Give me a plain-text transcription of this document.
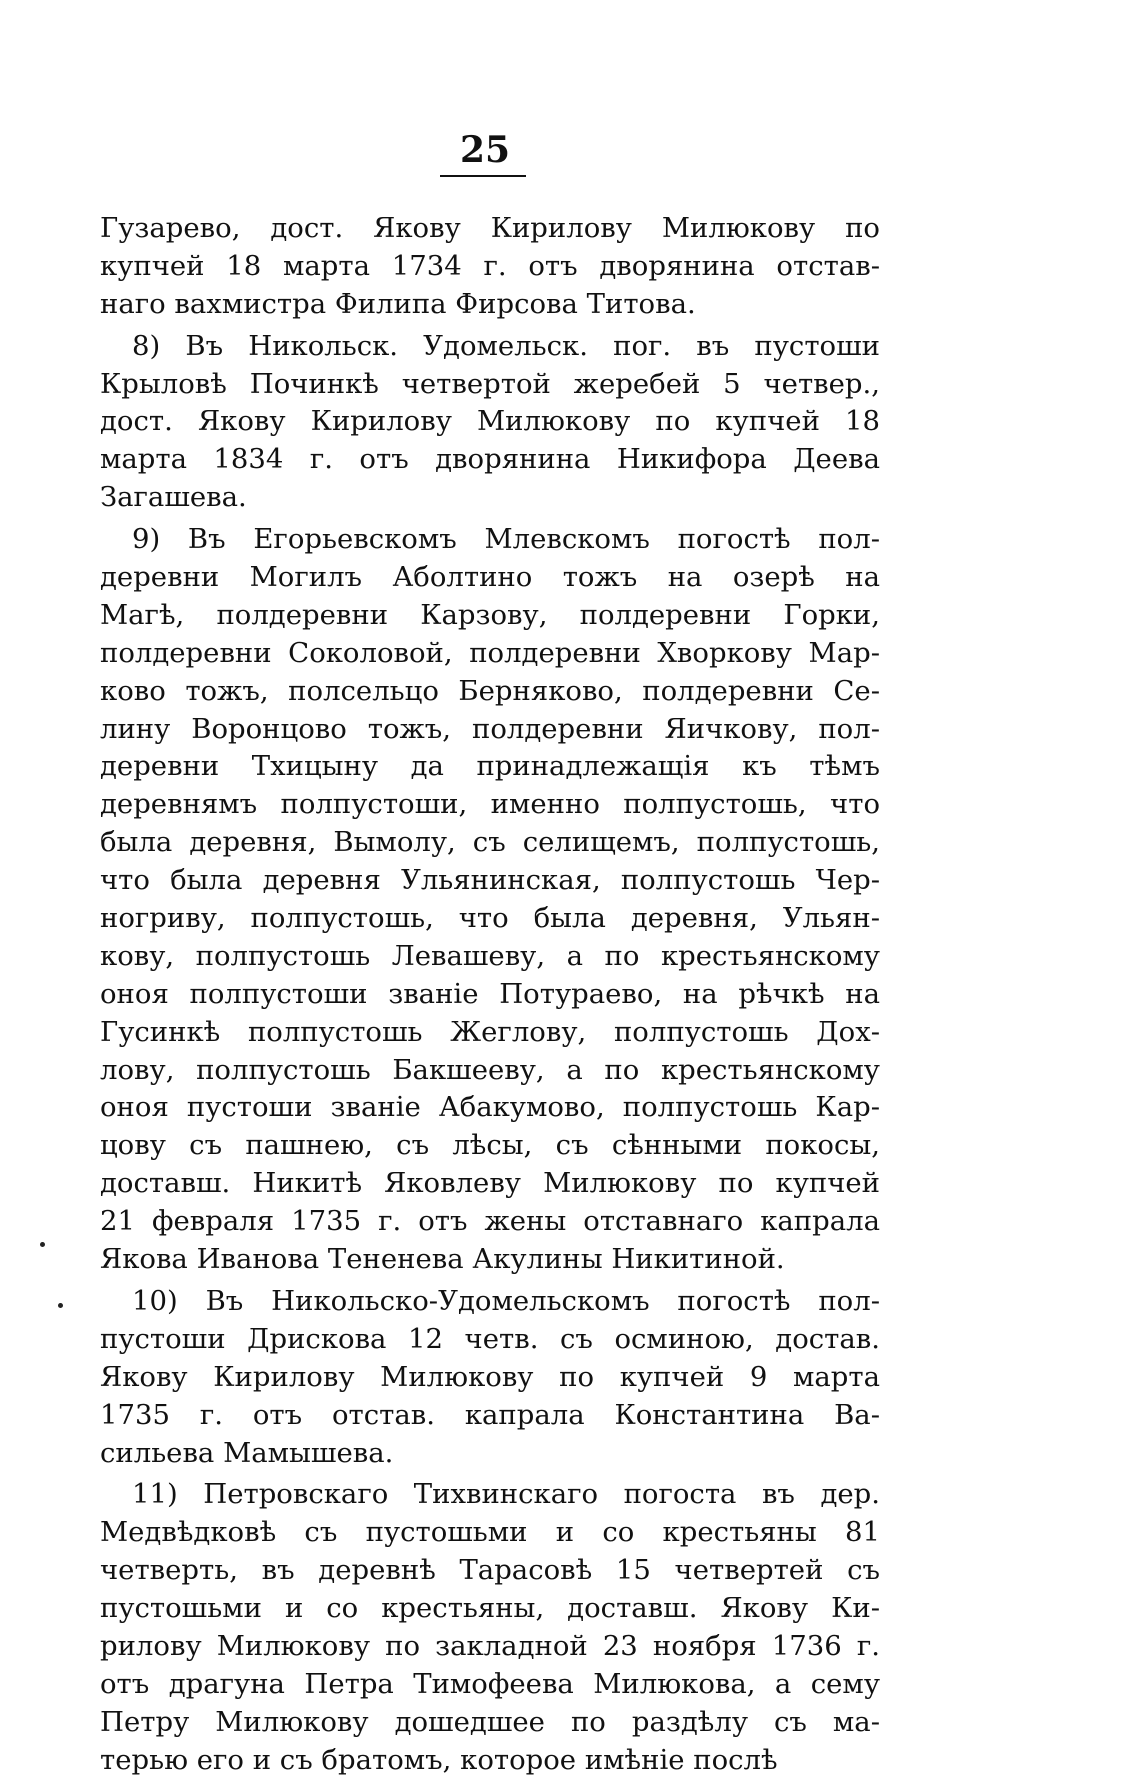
25
Гузарево, дост. Якову Кирилову Милюкову по
купчей 18 марта 1734 г. отъ дворянина отстав-
наго вахмистра Филипа Фирсова Титова.
8) Въ Никольск. Удомельск. пог. въ пустоши
Крыловѣ Починкѣ четвертой жеребей 5 четвер.,
дост. Якову Кирилову Милюкову по купчей 18
марта 1834 г. отъ дворянина Никифора Деева
Загашева.
9) Въ Егорьевскомъ Млевскомъ погостѣ пол-
деревни Могилъ Аболтино тожъ на озерѣ на
Магѣ, полдеревни Карзову, полдеревни Горки,
полдеревни Соколовой, полдеревни Хворкову Мар-
ково тожъ, полсельцо Берняково, полдеревни Се-
лину Воронцово тожъ, полдеревни Яичкову, пол-
деревни Тхицыну да принадлежащія къ тѣмъ
деревнямъ полпустоши, именно полпустошь, что
была деревня, Вымолу, съ селищемъ, полпустошь,
что была деревня Ульянинская, полпустошь Чер-
ногриву, полпустошь, что была деревня, Ульян-
кову, полпустошь Левашеву, а по крестьянскому
оноя полпустоши званіе Потураево, на рѣчкѣ на
Гусинкѣ полпустошь Жеглову, полпустошь Дох-
лову, полпустошь Бакшееву, а по крестьянскому
оноя пустоши званіе Абакумово, полпустошь Кар-
цову съ пашнею, съ лѣсы, съ сѣнными покосы,
доставш. Никитѣ Яковлеву Милюкову по купчей
21 февраля 1735 г. отъ жены отставнаго капрала
Якова Иванова Тененева Акулины Никитиной.
10) Въ Никольско-Удомельскомъ погостѣ пол-
пустоши Дрискова 12 четв. съ осминою, достав.
Якову Кирилову Милюкову по купчей 9 марта
1735 г. отъ отстав. капрала Константина Ва-
сильева Мамышева.
11) Петровскаго Тихвинскаго погоста въ дер.
Медвѣдковѣ съ пустошьми и со крестьяны 81
четверть, въ деревнѣ Тарасовѣ 15 четвертей съ
пустошьми и со крестьяны, доставш. Якову Ки-
рилову Милюкову по закладной 23 ноября 1736 г.
отъ драгуна Петра Тимофеева Милюкова, а сему
Петру Милюкову дошедшее по раздѣлу съ ма-
терью его и съ братомъ, которое имѣніе послѣ
